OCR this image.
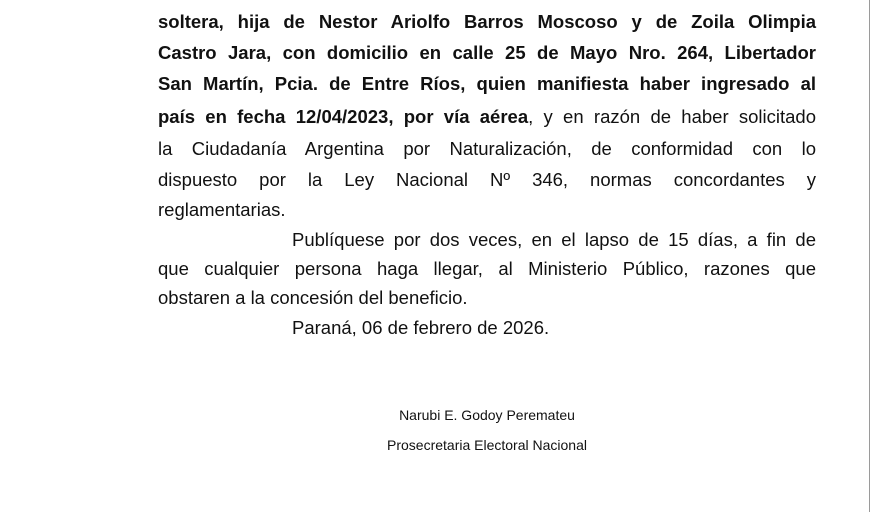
soltera, hija de Nestor Ariolfo Barros Moscoso y de Zoila Olimpia
Castro Jara, con domicilio en calle 25 de Mayo Nro. 264, Libertador
San Martín, Pcia. de Entre Ríos, quien manifiesta haber ingresado al
país en fecha 12/04/2023, por vía aérea, y en razón de haber solicitado
la Ciudadanía Argentina por Naturalización, de conformidad con lo
dispuesto por la Ley Nacional Nº 346, normas concordantes y
reglamentarias.
Publíquese por dos veces, en el lapso de 15 días, a fin de
que cualquier persona haga llegar, al Ministerio Público, razones que
obstaren a la concesión del beneficio.
Paraná, 06 de febrero de 2026.
Narubi E. Godoy Perematеu
Prosecretaria Electoral Nacional
